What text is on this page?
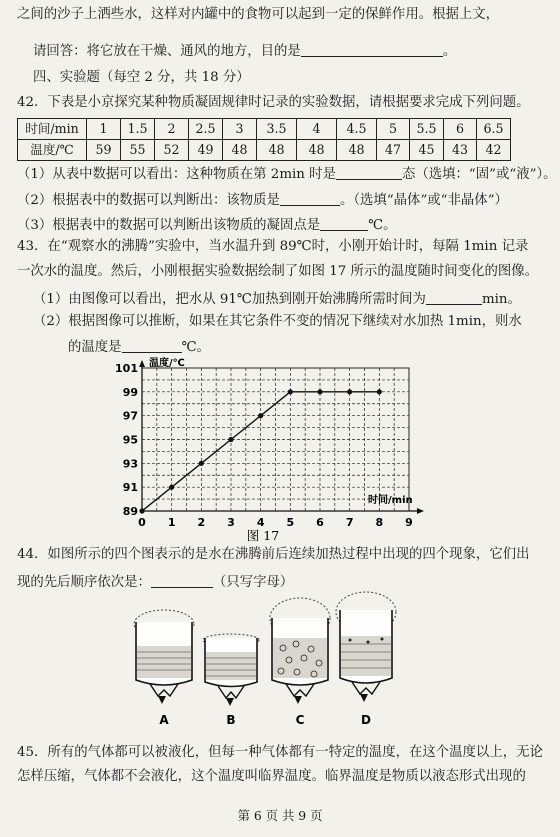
之间的沙子上洒些水，这样对内罐中的食物可以起到一定的保鲜作用。根据上文，
请回答：将它放在干燥、通风的地方，目的是	。
四、实验题（每空 2 分，共 18 分）
42．下表是小京探究某种物质凝固规律时记录的实验数据，请根据要求完成下列问题。
时间/min	1	1.5	2	2.5	3	3.5	4	4.5	5	5.5	6	6.5
温度/℃	59	55	52	49	48	48	48	48	47	45	43	42
（1）从表中数据可以看出：这种物质在第 2min 时是	态（选填：“固”或“液”）。
（2）根据表中的数据可以判断出：该物质是	。（选填“晶体”或“非晶体”）
（3）根据表中的数据可以判断出该物质的凝固点是	℃。
43．在“观察水的沸腾”实验中，当水温升到 89℃时，小刚开始计时，每隔 1min 记录
一次水的温度。然后，小刚根据实验数据绘制了如图 17 所示的温度随时间变化的图像。
（1）由图像可以看出，把水从 91℃加热到刚开始沸腾所需时间为	min。
（2）根据图像可以推断，如果在其它条件不变的情况下继续对水加热 1min，则水
的温度是	℃。
0 1 2 3 4 5 6 7 8 9
89
91
93
95
97
99
101 温度/℃
时间/min
图 17
44．如图所示的四个图表示的是水在沸腾前后连续加热过程中出现的四个现象，它们出
现的先后顺序依次是：	（只写字母）
A	B	C	D
45．所有的气体都可以被液化，但每一种气体都有一特定的温度，在这个温度以上，无论
怎样压缩，气体都不会液化，这个温度叫临界温度。临界温度是物质以液态形式出现的
第 6 页 共 9 页
